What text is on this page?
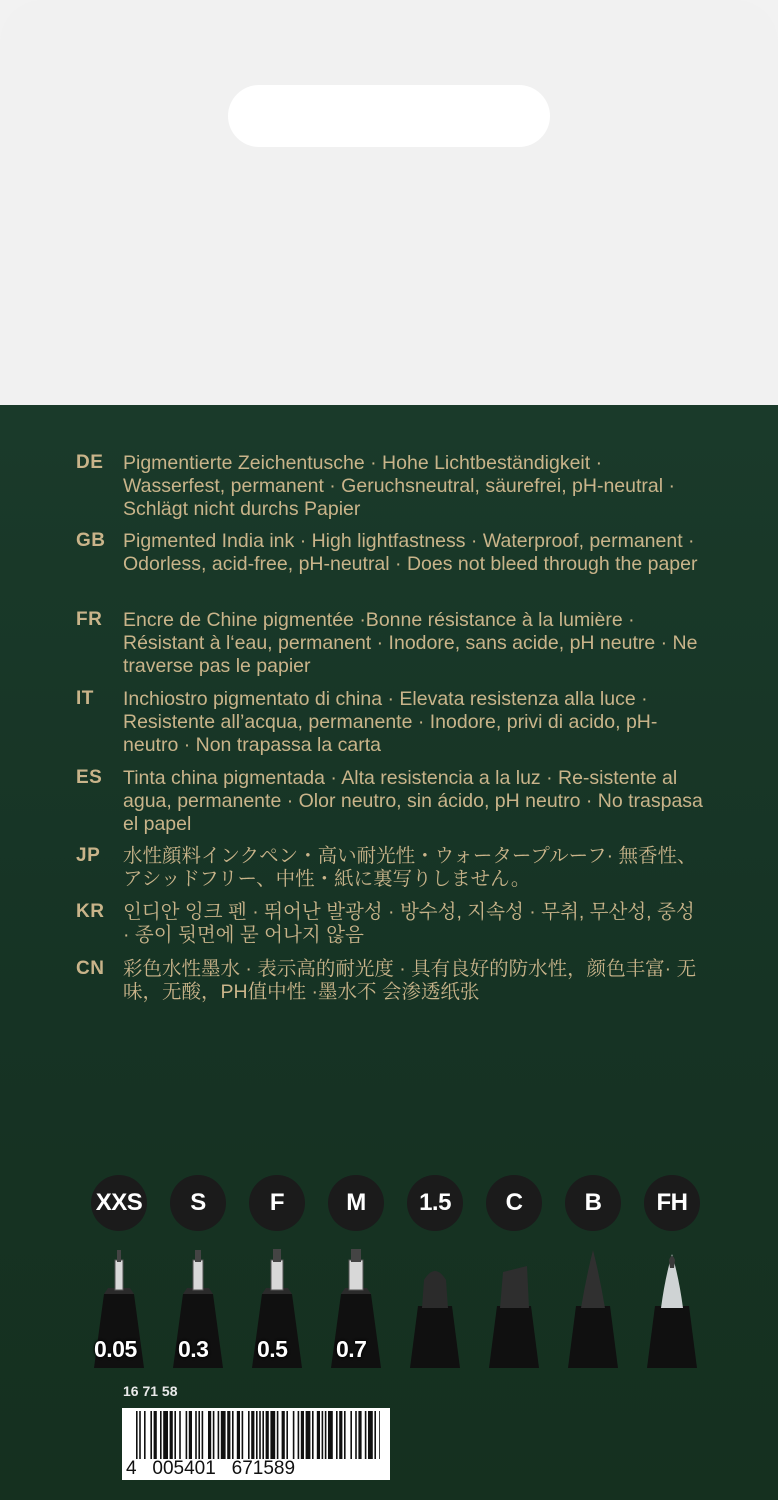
DE	Pigmentierte Zeichentusche · Hohe Lichtbeständigkeit · Wasserfest, permanent · Geruchsneutral, säurefrei, pH-neutral · Schlägt nicht durchs Papier
GB Pigmented India ink · High lightfastness · Waterproof, permanent · Odorless, acid-free, pH-neutral · Does not bleed through the paper
FR	Encre de Chine pigmentée ·Bonne résistance à la lumière · Résistant à l‘eau, permanent · Inodore, sans acide, pH neutre · Ne traverse pas le papier
IT	Inchiostro pigmentato di china · Elevata resistenza alla luce · Resistente all’acqua, permanente · Inodore, privi di acido, pH-neutro · Non trapassa la carta
ES	Tinta china pigmentada · Alta resistencia a la luz · Re-sistente al agua, permanente · Olor neutro, sin ácido, pH neutro · No traspasa el papel
JP	水性顔料インクペン・高い耐光性・ウォータープルーフ· 無香性、アシッドフリー、中性・紙に裏写りしません。
KR 인디안 잉크 펜 · 뛰어난 발광성 · 방수성, 지속성 · 무취, 무산성, 중성 · 종이 뒷면에 묻 어나지 않음
CN 彩色水性墨水 · 表示高的耐光度 · 具有良好的防水性，颜色丰富· 无味，无酸，PH值中性 ·墨水不 会渗透纸张
XXS	S	F	M	1.5	C	B	FH
0.05 0.3 0.5 0.7
16 71 58
4   005401   671589
